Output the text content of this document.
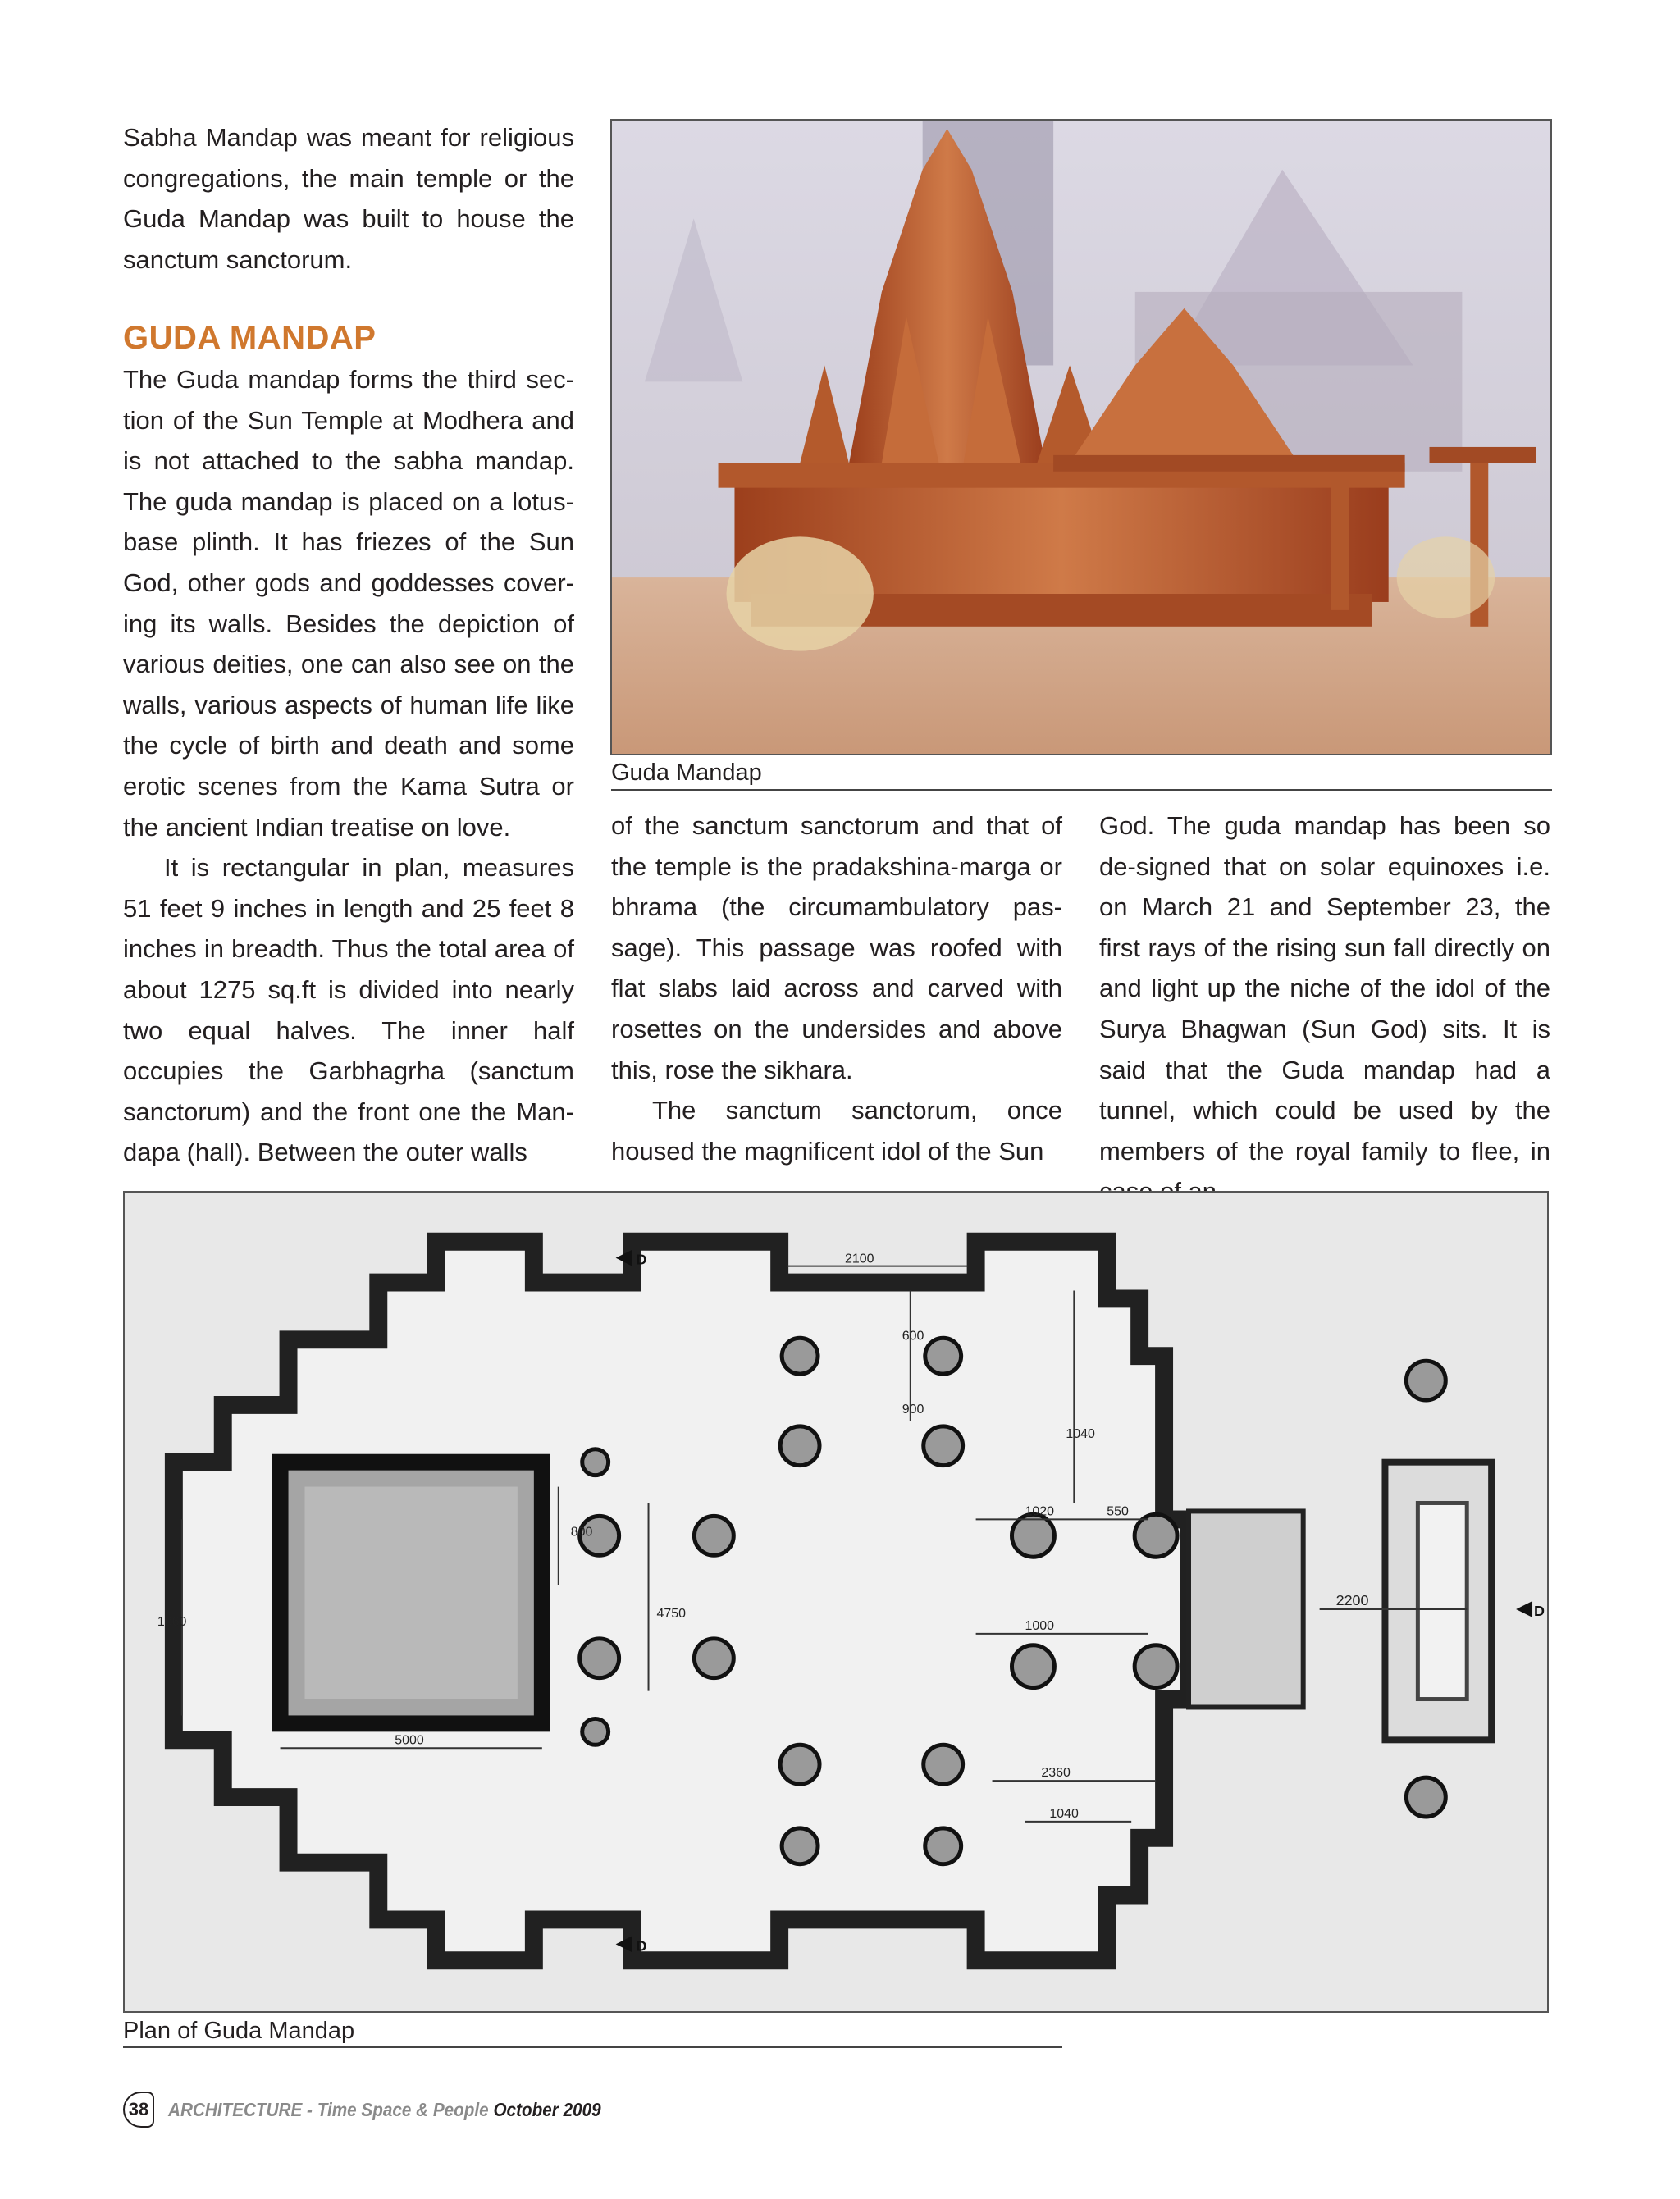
Sabha Mandap was meant for religious congregations, the main temple or the Guda Mandap was built to house the sanctum sanctorum.

GUDA MANDAP

The Guda mandap forms the third sec-tion of the Sun Temple at Modhera and is not attached to the sabha mandap. The guda mandap is placed on a lotus-base plinth. It has friezes of the Sun God, other gods and goddesses cover-ing its walls. Besides the depiction of various deities, one can also see on the walls, various aspects of human life like the cycle of birth and death and some erotic scenes from the Kama Sutra or the ancient Indian treatise on love.

It is rectangular in plan, measures 51 feet 9 inches in length and 25 feet 8 inches in breadth. Thus the total area of about 1275 sq.ft is divided into nearly two equal halves. The inner half occupies the Garbhagrha (sanctum sanctorum) and the front one the Man-dapa (hall). Between the outer walls

of the sanctum sanctorum and that of the temple is the pradakshina-marga or bhrama (the circumambulatory pas-sage). This passage was roofed with flat slabs laid across and carved with rosettes on the undersides and above this, rose the sikhara.

The sanctum sanctorum, once housed the magnificent idol of the Sun

God. The guda mandap has been so de-signed that on solar equinoxes i.e. on March 21 and September 23, the first rays of the rising sun fall directly on and light up the niche of the idol of the Surya Bhagwan (Sun God) sits. It is said that the Guda mandap had a tunnel, which could be used by the members of the royal family to flee, in

Guda Mandap
2100
600
900
1040
1020	550
800
4750
1000
2200
5000
2360
1040
1060
D
D
D
Plan of Guda Mandap
38 ARCHITECTURE - Time Space & People October 2009
